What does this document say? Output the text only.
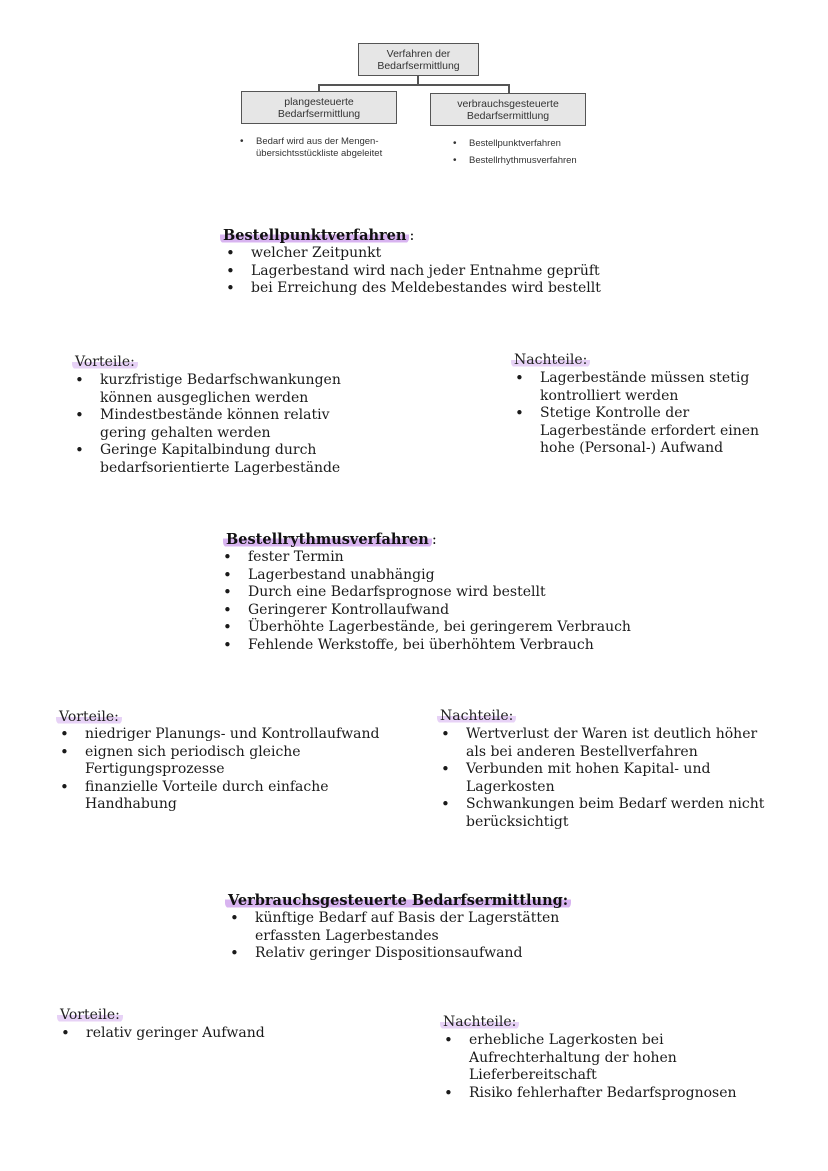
Verfahren der
Bedarfsermittlung
plangesteuerte
Bedarfsermittlung
verbrauchsgesteuerte
Bedarfsermittlung
• Bedarf wird aus der Mengen-
übersichtsstückliste abgeleitet
• Bestellpunktverfahren
• Bestellrhythmusverfahren
Bestellpunktverfahren :
• welcher Zeitpunkt
• Lagerbestand wird nach jeder Entnahme geprüft
• bei Erreichung des Meldebestandes wird bestellt
Vorteile:
• kurzfristige Bedarfschwankungen
können ausgeglichen werden
• Mindestbestände können relativ
gering gehalten werden
• Geringe Kapitalbindung durch
bedarfsorientierte Lagerbestände
Nachteile:
• Lagerbestände müssen stetig
kontrolliert werden
• Stetige Kontrolle der
Lagerbestände erfordert einen
hohe (Personal-) Aufwand
Bestellrythmusverfahren :
• fester Termin
• Lagerbestand unabhängig
• Durch eine Bedarfsprognose wird bestellt
• Geringerer Kontrollaufwand
• Überhöhte Lagerbestände, bei geringerem Verbrauch
• Fehlende Werkstoffe, bei überhöhtem Verbrauch
Vorteile:
• niedriger Planungs- und Kontrollaufwand
• eignen sich periodisch gleiche
Fertigungsprozesse
• finanzielle Vorteile durch einfache
Handhabung
Nachteile:
• Wertverlust der Waren ist deutlich höher
als bei anderen Bestellverfahren
• Verbunden mit hohen Kapital- und
Lagerkosten
• Schwankungen beim Bedarf werden nicht
berücksichtigt
Verbrauchsgesteuerte Bedarfsermittlung:
• künftige Bedarf auf Basis der Lagerstätten
erfassten Lagerbestandes
• Relativ geringer Dispositionsaufwand
Vorteile:
• relativ geringer Aufwand
Nachteile:
• erhebliche Lagerkosten bei
Aufrechterhaltung der hohen
Lieferbereitschaft
• Risiko fehlerhafter Bedarfsprognosen
